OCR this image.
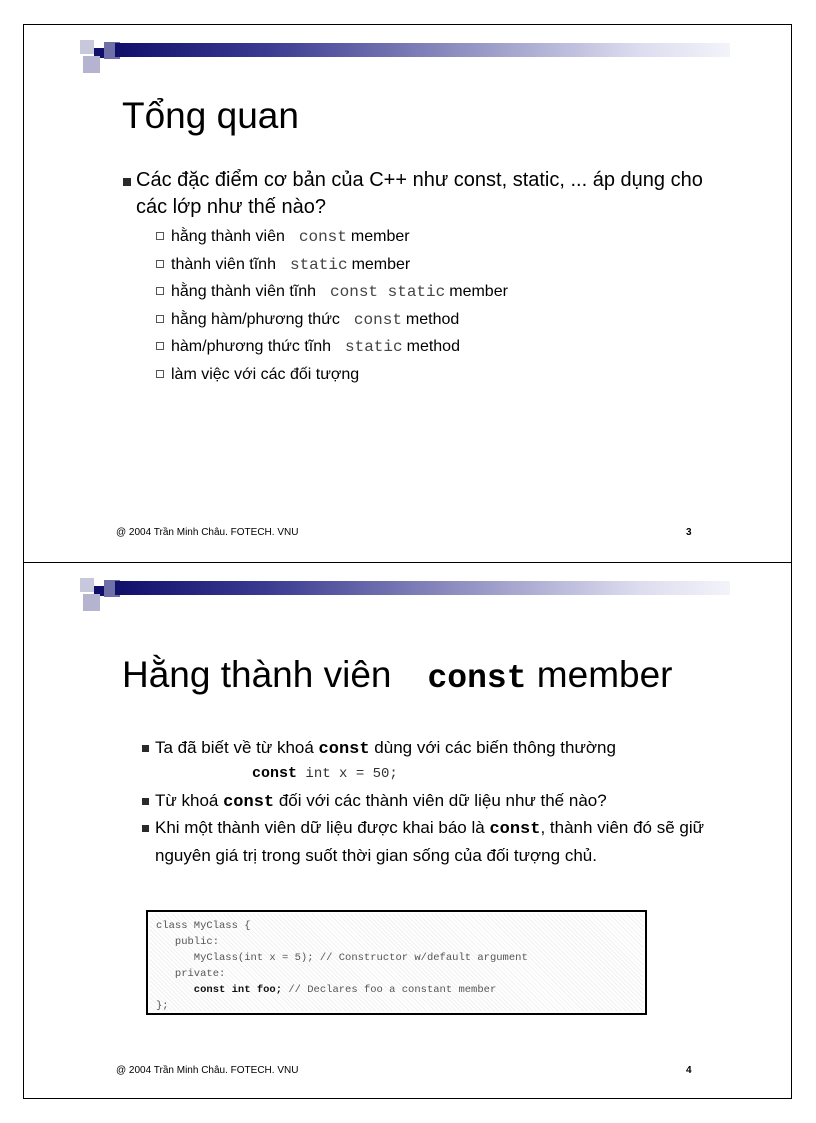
Tổng quan
Các đặc điểm cơ bản của C++ như const, static, ... áp dụng cho các lớp như thế nào?
hằng thành viên const member
thành viên tĩnh static member
hằng thành viên tĩnh const static member
hằng hàm/phương thức const method
hàm/phương thức tĩnh static method
làm việc với các đối tượng
@ 2004 Trần Minh Châu. FOTECH. VNU	3
Hằng thành viên const member
Ta đã biết về từ khoá const dùng với các biến thông thường
const int x = 50;
Từ khoá const đối với các thành viên dữ liệu như thế nào?
Khi một thành viên dữ liệu được khai báo là const, thành viên đó sẽ giữ nguyên giá trị trong suốt thời gian sống của đối tượng chủ.
class MyClass {
public:
MyClass(int x = 5); // Constructor w/default argument
private:
const int foo; // Declares foo a constant member
};
@ 2004 Trần Minh Châu. FOTECH. VNU	4
